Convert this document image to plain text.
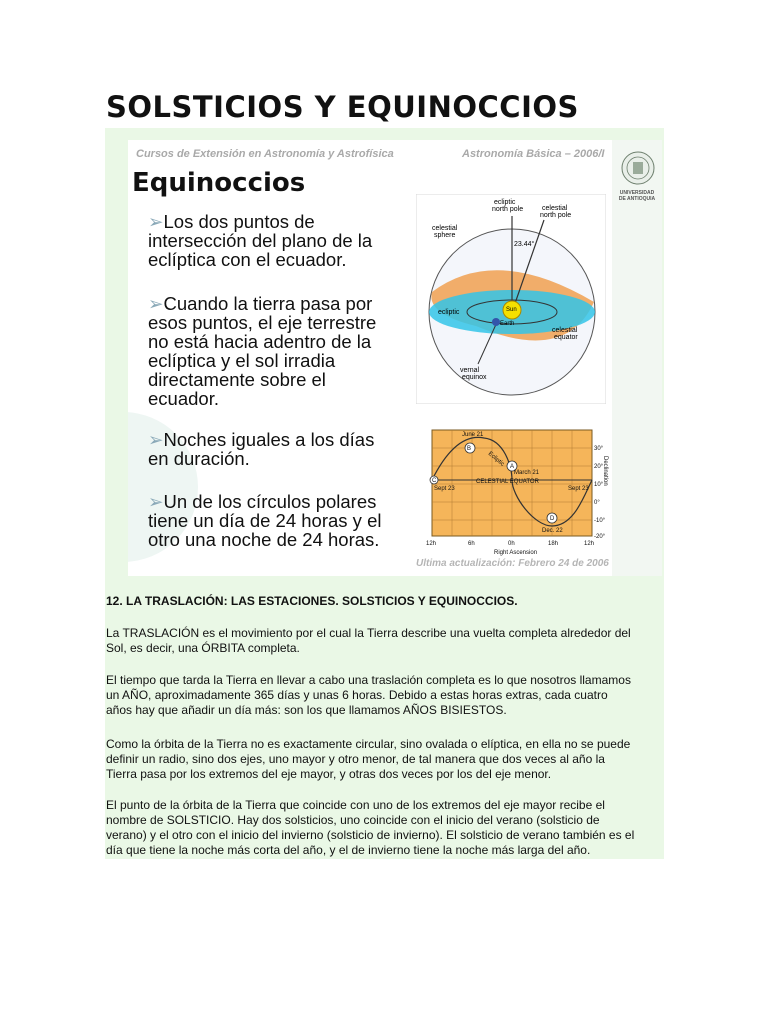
SOLSTICIOS Y EQUINOCCIOS
Cursos de Extensión en Astronomía y Astrofísica	Astronomía Básica – 2006/I
Equinoccios
➢Los dos puntos de
intersección del plano de la
eclíptica con el ecuador.
➢Cuando la tierra pasa por
esos puntos, el eje terrestre
no está hacia adentro de la
eclíptica y el sol irradia
directamente sobre el
ecuador.
➢Noches iguales a los días
en duración.
➢Un de los círculos polares
tiene un día de 24 horas y el
otro una noche de 24 horas.
ecliptic north pole	celestial north pole
celestial sphere
23.44°
ecliptic	Sun
Earth
celestial equator
vernal equinox
B
A
C
D
June 21
March 21
Sept 23	Sept 23
Dec. 22
CELESTIAL EQUATOR
Ecliptic
12h	6h	0h	18h	12h
Right Ascension
30°
20°
10°
0°
-10°
-20°
Declination
Ultima actualización: Febrero 24 de 2006
UNIVERSIDAD
DE ANTIOQUIA

12. LA TRASLACIÓN: LAS ESTACIONES. SOLSTICIOS Y EQUINOCCIOS.

La TRASLACIÓN es el movimiento por el cual la Tierra describe una vuelta completa alrededor del
Sol, es decir, una ÓRBITA completa.

El tiempo que tarda la Tierra en llevar a cabo una traslación completa es lo que nosotros llamamos
un AÑO, aproximadamente 365 días y unas 6 horas. Debido a estas horas extras, cada cuatro
años hay que añadir un día más: son los que llamamos AÑOS BISIESTOS.

Como la órbita de la Tierra no es exactamente circular, sino ovalada o elíptica, en ella no se puede
definir un radio, sino dos ejes, uno mayor y otro menor, de tal manera que dos veces al año la
Tierra pasa por los extremos del eje mayor, y otras dos veces por los del eje menor.

El punto de la órbita de la Tierra que coincide con uno de los extremos del eje mayor recibe el
nombre de SOLSTICIO. Hay dos solsticios, uno coincide con el inicio del verano (solsticio de
verano) y el otro con el inicio del invierno (solsticio de invierno). El solsticio de verano también es el
día que tiene la noche más corta del año, y el de invierno tiene la noche más larga del año.
